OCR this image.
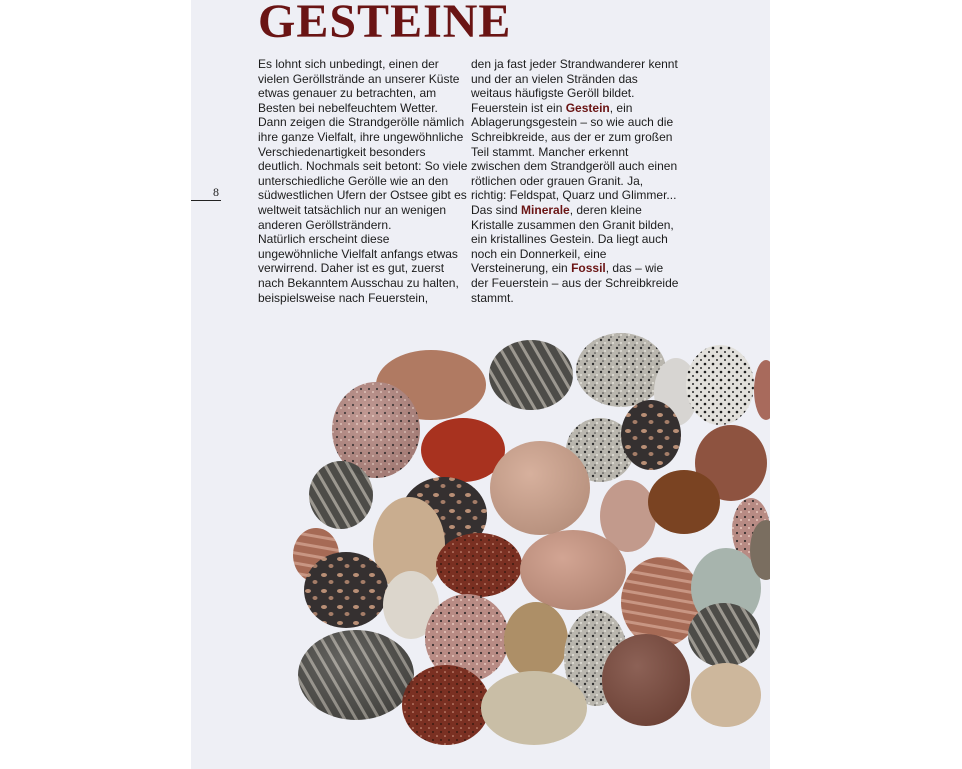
GESTEINE
8

Es lohnt sich unbedingt, einen der vielen Geröllstrände an unserer Küste etwas genauer zu betrachten, am Besten bei nebelfeuchtem Wetter. Dann zeigen die Strandgerölle nämlich ihre ganze Vielfalt, ihre ungewöhnliche Verschiedenartigkeit besonders deutlich. Nochmals seit betont: So viele unterschiedliche Gerölle wie an den südwestlichen Ufern der Ostsee gibt es weltweit tatsächlich nur an wenigen anderen Geröllsträndern.

Natürlich erscheint diese ungewöhnliche Vielfalt anfangs etwas verwirrend. Daher ist es gut, zuerst nach Bekanntem Ausschau zu halten, beispielsweise nach Feuerstein,

den ja fast jeder Strandwanderer kennt und der an vielen Stränden das weitaus häufigste Geröll bildet. Feuerstein ist ein Gestein, ein Ablagerungsgestein – so wie auch die Schreibkreide, aus der er zum großen Teil stammt. Mancher erkennt zwischen dem Strandgeröll auch einen rötlichen oder grauen Granit. Ja, richtig: Feldspat, Quarz und Glimmer... Das sind Minerale, deren kleine Kristalle zusammen den Granit bilden, ein kristallines Gestein. Da liegt auch noch ein Donnerkeil, eine Versteinerung, ein Fossil, das – wie der Feuerstein – aus der Schreibkreide stammt.
